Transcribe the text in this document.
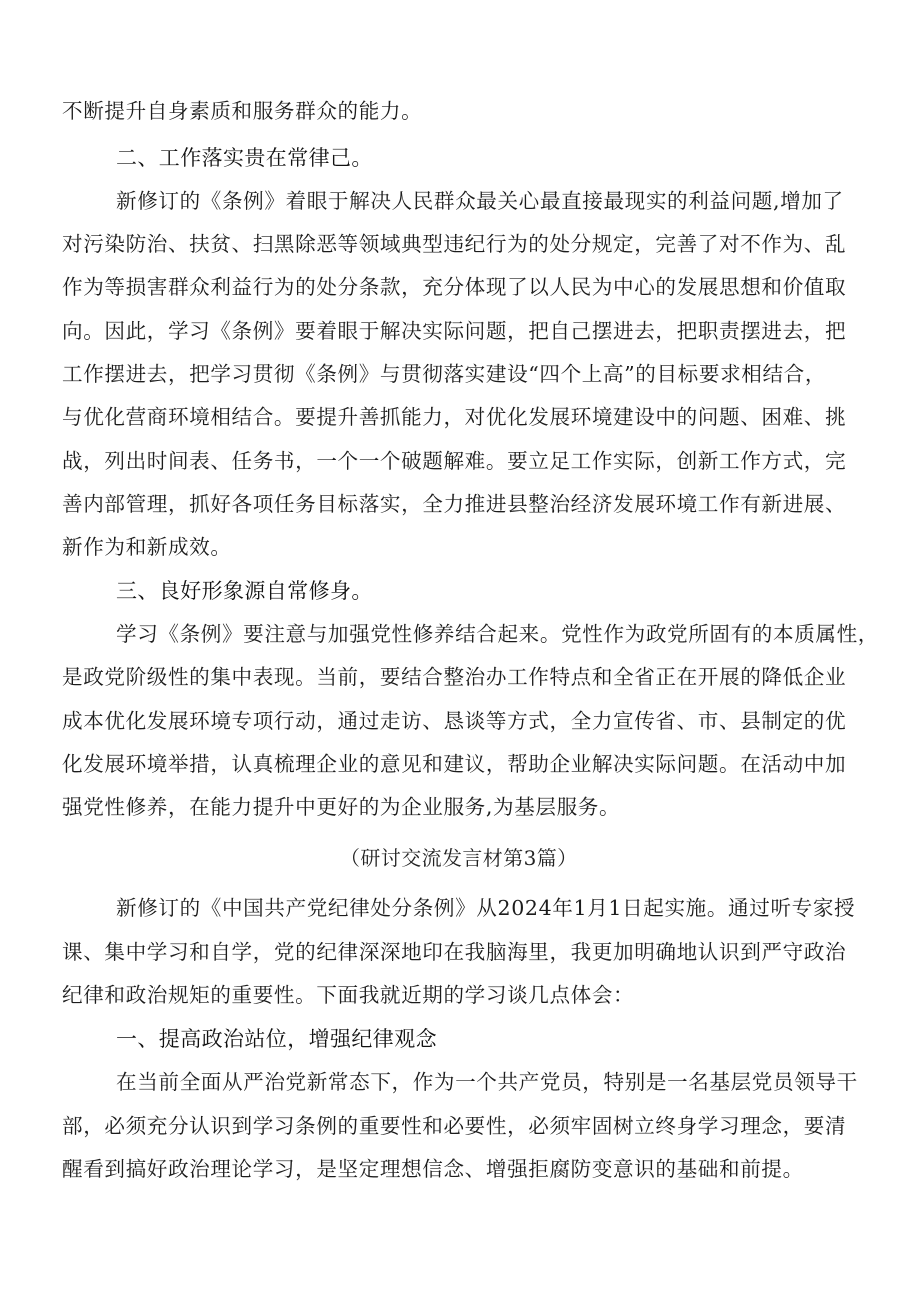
不断提升自身素质和服务群众的能力。
二、工作落实贵在常律己。
新修订的《条例》着眼于解决人民群众最关心最直接最现实的利益问题,增加了
对污染防治、扶贫、扫黑除恶等领域典型违纪行为的处分规定，完善了对不作为、乱
作为等损害群众利益行为的处分条款，充分体现了以人民为中心的发展思想和价值取
向。因此，学习《条例》要着眼于解决实际问题，把自己摆进去，把职责摆进去，把
工作摆进去，把学习贯彻《条例》与贯彻落实建设“四个上高”的目标要求相结合，
与优化营商环境相结合。要提升善抓能力，对优化发展环境建设中的问题、困难、挑
战，列出时间表、任务书，一个一个破题解难。要立足工作实际，创新工作方式，完
善内部管理，抓好各项任务目标落实，全力推进县整治经济发展环境工作有新进展、
新作为和新成效。
三、良好形象源自常修身。
学习《条例》要注意与加强党性修养结合起来。党性作为政党所固有的本质属性，
是政党阶级性的集中表现。当前，要结合整治办工作特点和全省正在开展的降低企业
成本优化发展环境专项行动，通过走访、恳谈等方式，全力宣传省、市、县制定的优
化发展环境举措，认真梳理企业的意见和建议，帮助企业解决实际问题。在活动中加
强党性修养，在能力提升中更好的为企业服务,为基层服务。
（研讨交流发言材第3篇）
新修订的《中国共产党纪律处分条例》从2024年1月1日起实施。通过听专家授
课、集中学习和自学，党的纪律深深地印在我脑海里，我更加明确地认识到严守政治
纪律和政治规矩的重要性。下面我就近期的学习谈几点体会：
一、提高政治站位，增强纪律观念
在当前全面从严治党新常态下，作为一个共产党员，特别是一名基层党员领导干
部，必须充分认识到学习条例的重要性和必要性，必须牢固树立终身学习理念，要清
醒看到搞好政治理论学习，是坚定理想信念、增强拒腐防变意识的基础和前提。
